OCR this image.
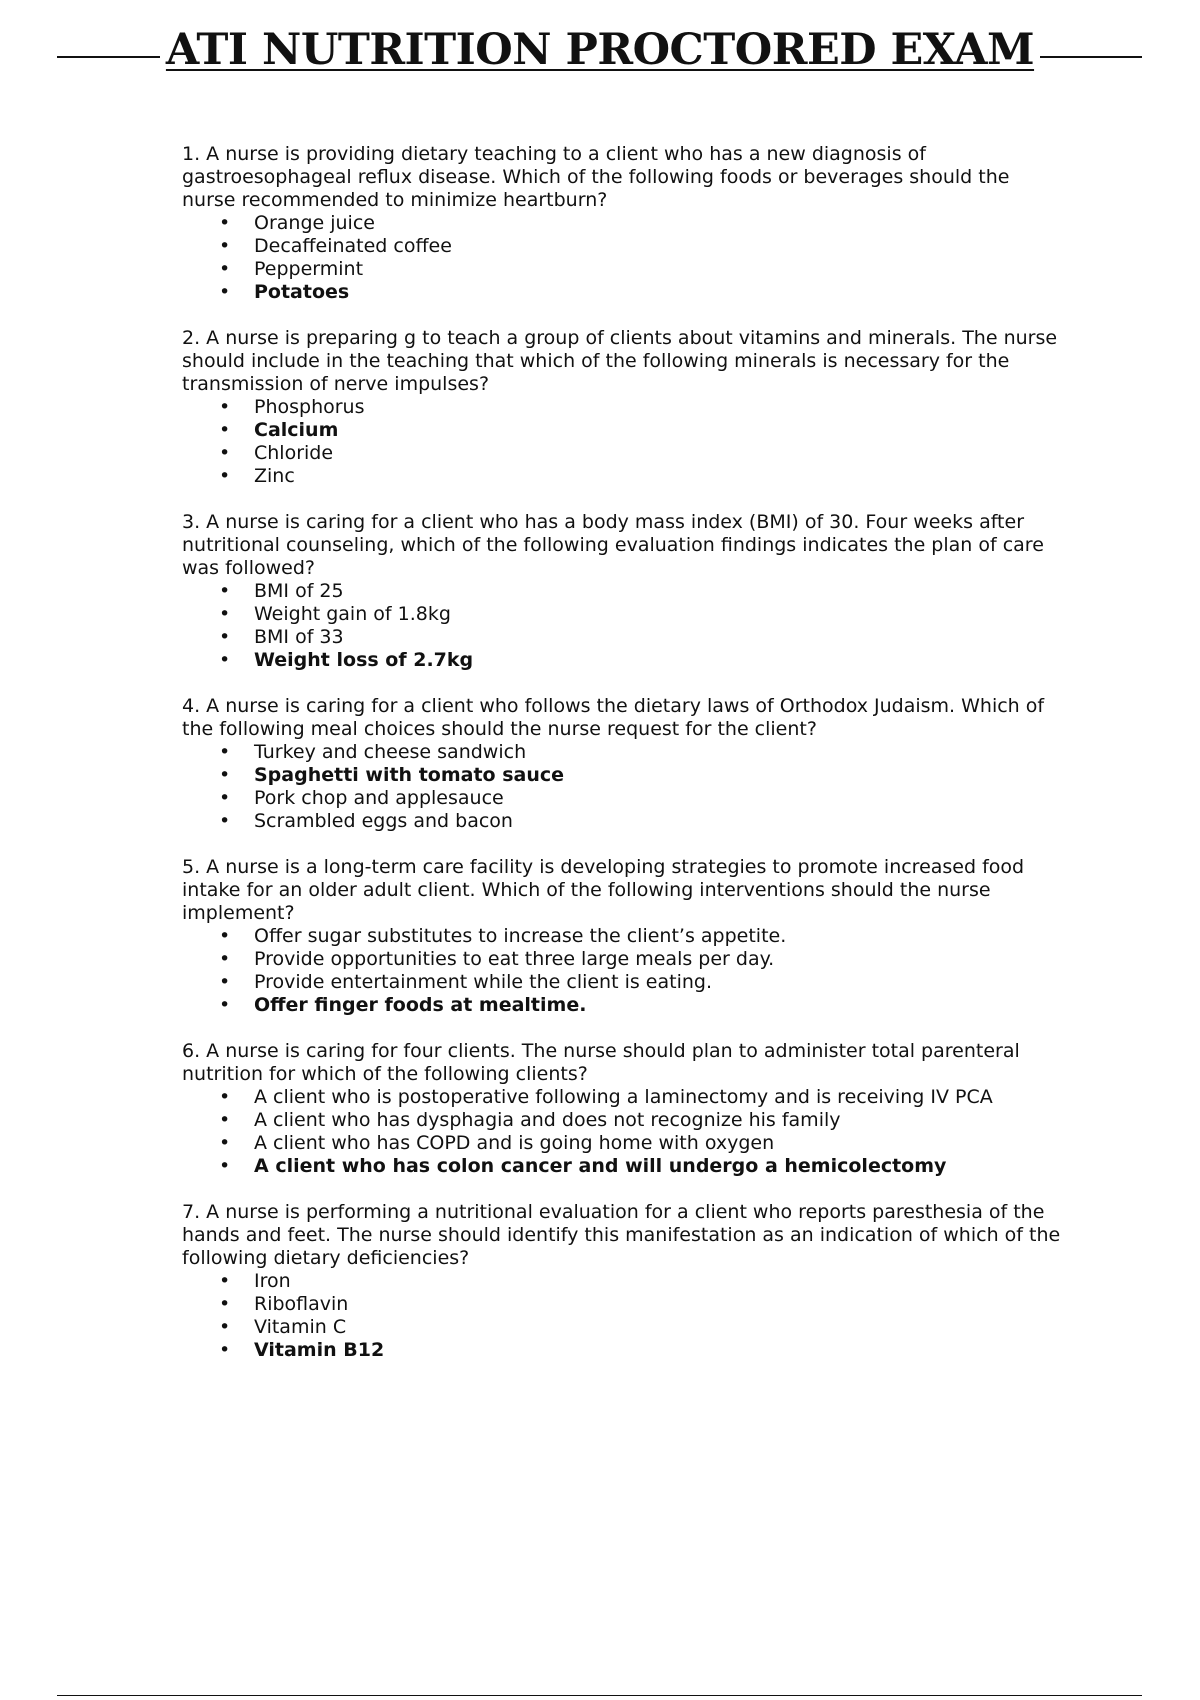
ATI NUTRITION PROCTORED EXAM

1. A nurse is providing dietary teaching to a client who has a new diagnosis of gastroesophageal reflux disease. Which of the following foods or beverages should the nurse recommended to minimize heartburn?

• Orange juice
• Decaffeinated coffee
• Peppermint
• Potatoes

2. A nurse is preparing g to teach a group of clients about vitamins and minerals. The nurse should include in the teaching that which of the following minerals is necessary for the transmission of nerve impulses?

• Phosphorus
• Calcium
• Chloride
• Zinc

3. A nurse is caring for a client who has a body mass index (BMI) of 30. Four weeks after nutritional counseling, which of the following evaluation findings indicates the plan of care was followed?

• BMI of 25
• Weight gain of 1.8kg
• BMI of 33
• Weight loss of 2.7kg

4. A nurse is caring for a client who follows the dietary laws of Orthodox Judaism. Which of the following meal choices should the nurse request for the client?

• Turkey and cheese sandwich
• Spaghetti with tomato sauce
• Pork chop and applesauce
• Scrambled eggs and bacon

5. A nurse is a long-term care facility is developing strategies to promote increased food intake for an older adult client. Which of the following interventions should the nurse implement?

• Offer sugar substitutes to increase the client’s appetite.
• Provide opportunities to eat three large meals per day.
• Provide entertainment while the client is eating.
• Offer finger foods at mealtime.

6. A nurse is caring for four clients. The nurse should plan to administer total parenteral nutrition for which of the following clients?

• A client who is postoperative following a laminectomy and is receiving IV PCA
• A client who has dysphagia and does not recognize his family
• A client who has COPD and is going home with oxygen
• A client who has colon cancer and will undergo a hemicolectomy

7. A nurse is performing a nutritional evaluation for a client who reports paresthesia of the hands and feet. The nurse should identify this manifestation as an indication of which of the following dietary deficiencies?

• Iron
• Riboflavin
• Vitamin C
• Vitamin B12
